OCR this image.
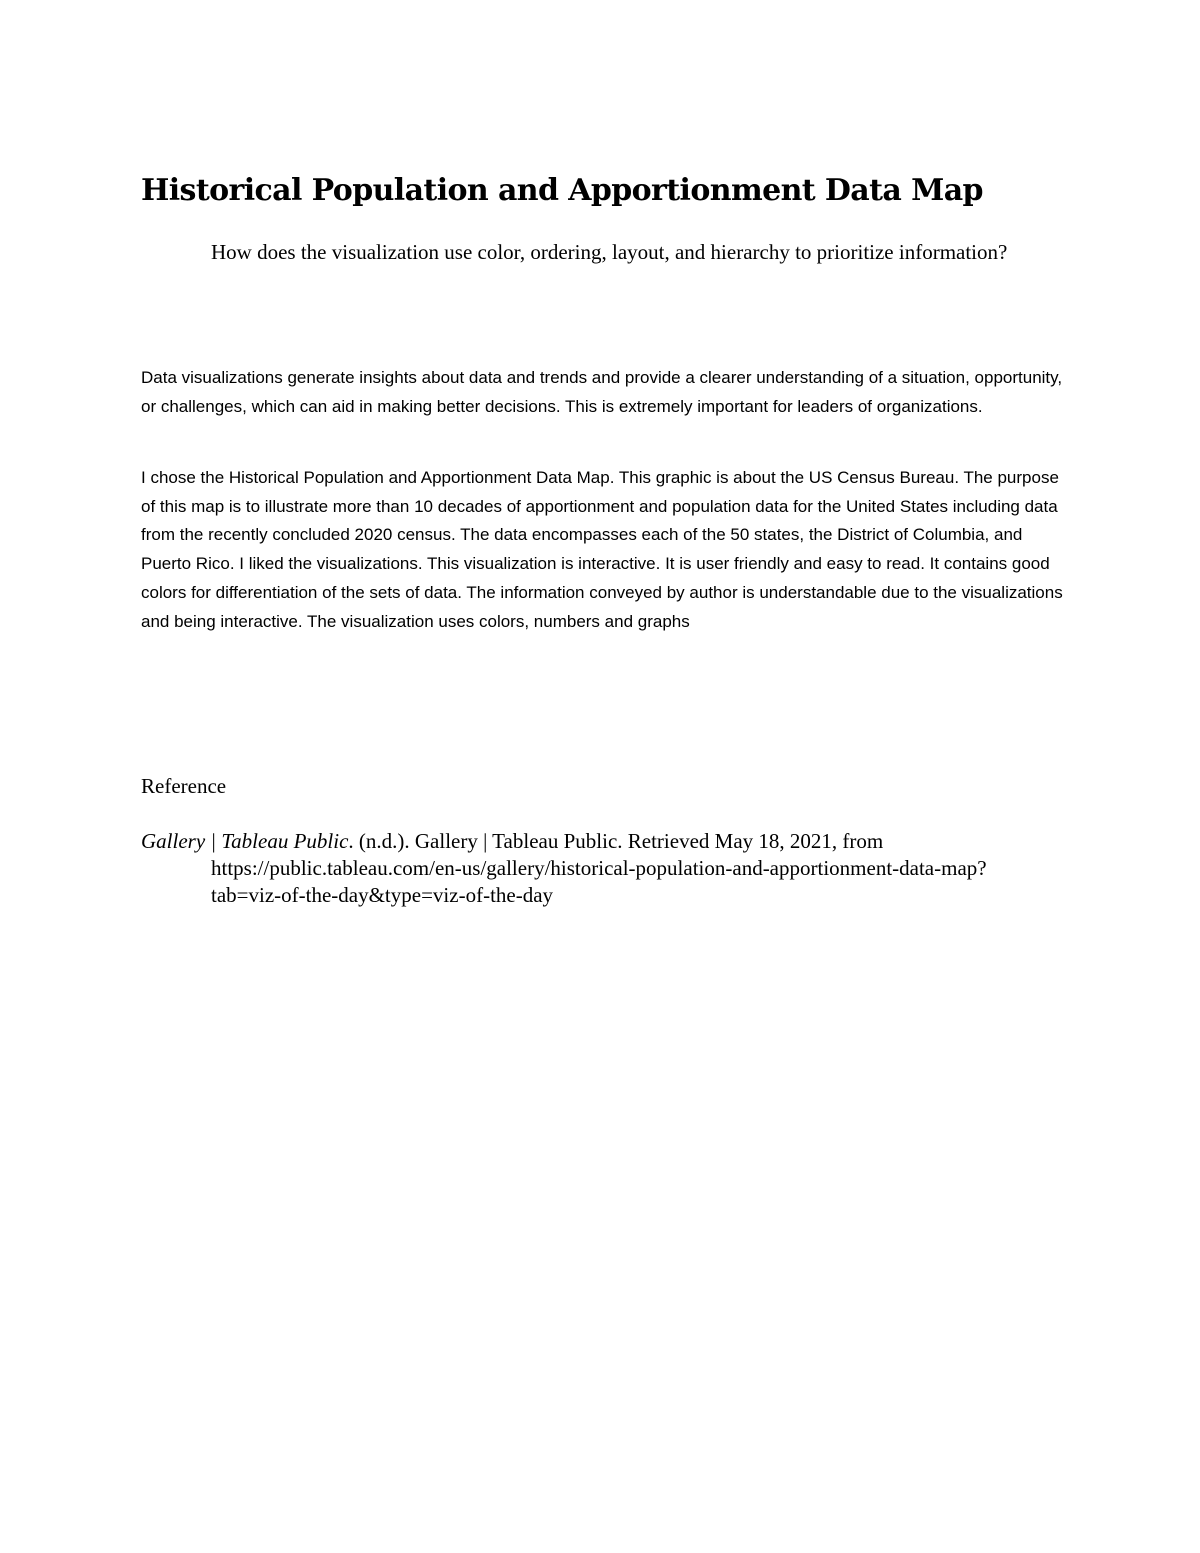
Historical Population and Apportionment Data Map

How does the visualization use color, ordering, layout, and hierarchy to prioritize information?

Data visualizations generate insights about data and trends and provide a clearer understanding of a situation, opportunity, or challenges, which can aid in making better decisions. This is extremely important for leaders of organizations.

I chose the Historical Population and Apportionment Data Map. This graphic is about the US Census Bureau. The purpose of this map is to illustrate more than 10 decades of apportionment and population data for the United States including data from the recently concluded 2020 census. The data encompasses each of the 50 states, the District of Columbia, and Puerto Rico. I liked the visualizations. This visualization is interactive. It is user friendly and easy to read. It contains good colors for differentiation of the sets of data. The information conveyed by author is understandable due to the visualizations and being interactive. The visualization uses colors, numbers and graphs

Reference

Gallery | Tableau Public. (n.d.). Gallery | Tableau Public. Retrieved May 18, 2021, from https://public.tableau.com/en-us/gallery/historical-population-and-apportionment-data-map?tab=viz-of-the-day&type=viz-of-the-day
